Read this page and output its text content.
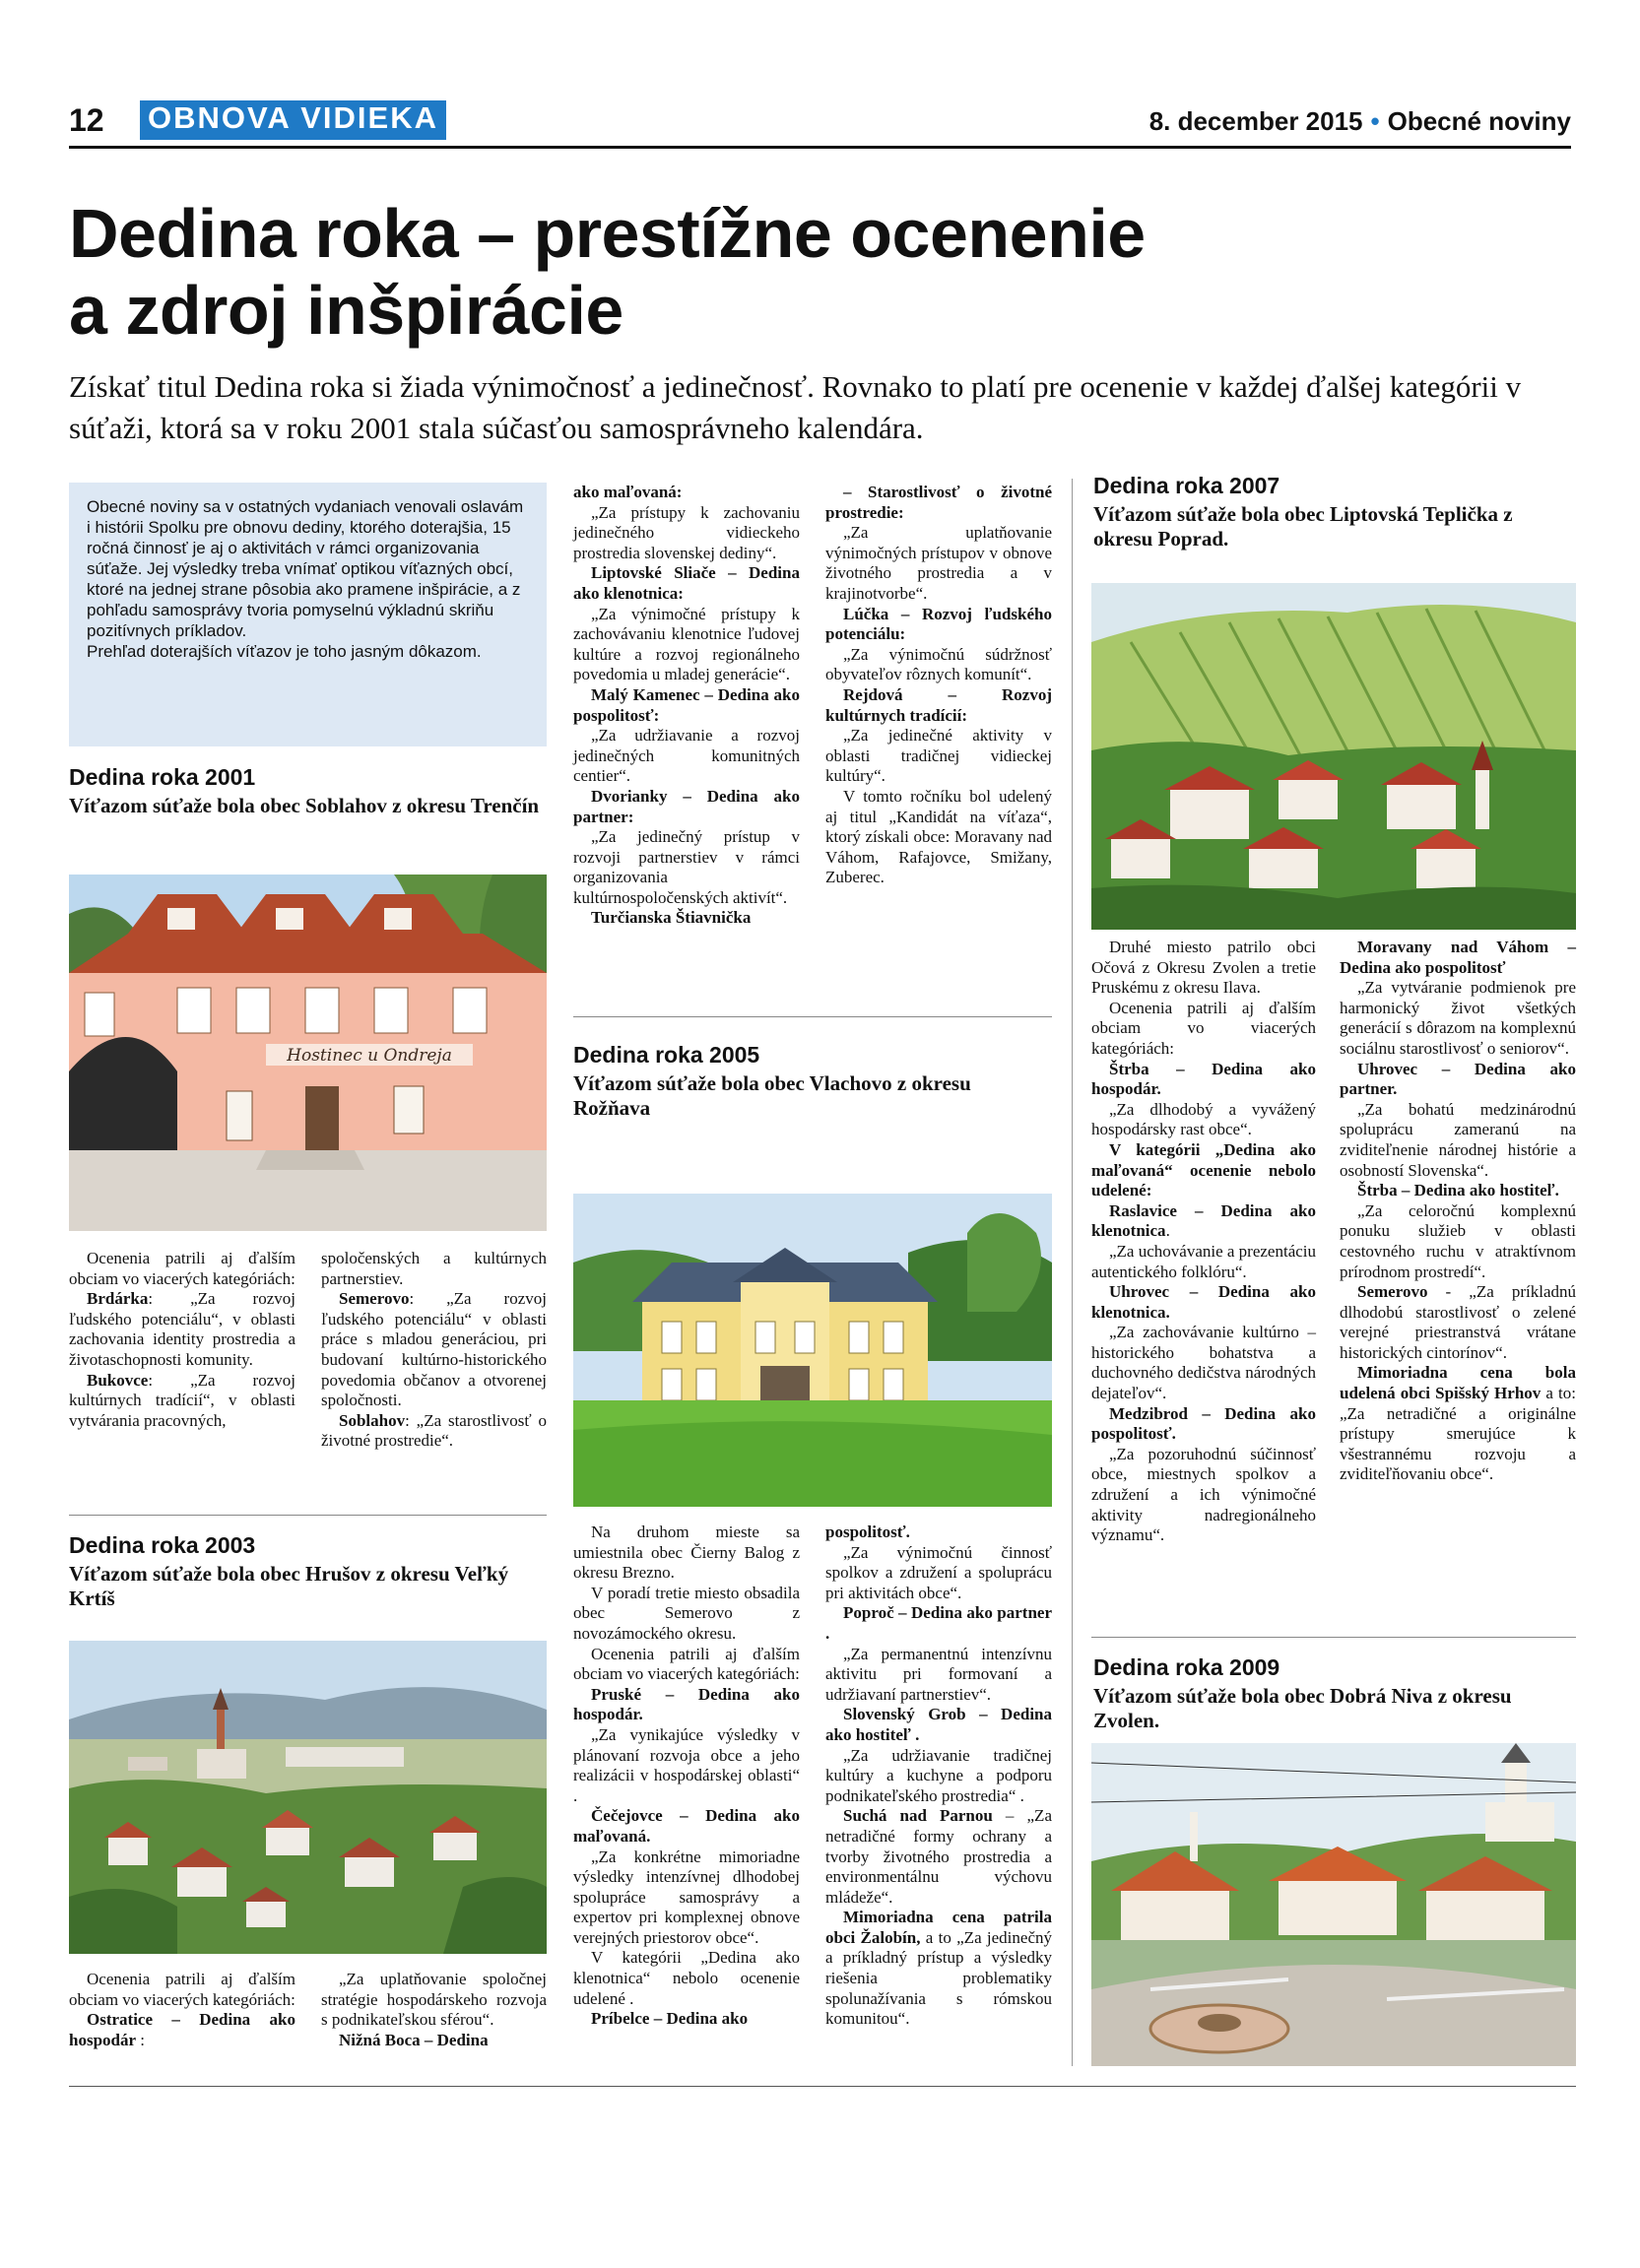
12 OBNOVA VIDIEKA	8. december 2015 • Obecné noviny
Dedina roka – prestížne ocenenie
a zdroj inšpirácie

Získať titul Dedina roka si žiada výnimočnosť a jedinečnosť. Rovnako to platí pre ocenenie v každej ďalšej kategórii v súťaži, ktorá sa v roku 2001 stala súčasťou samosprávneho kalendára.

Obecné noviny sa v ostatných vydaniach venovali oslavám i histórii Spolku pre obnovu dediny, ktorého doterajšia, 15 ročná činnosť je aj o aktivitách v rámci organizovania súťaže. Jej výsledky treba vnímať optikou víťazných obcí, ktoré na jednej strane pôsobia ako pramene inšpirácie, a z pohľadu samosprávy tvoria pomyselnú výkladnú skriňu pozitívnych príkladov.

Prehľad doterajších víťazov je toho jasným dôkazom.

Dedina roka 2001

Víťazom súťaže bola obec Soblahov z okresu Trenčín

Hostinec u Ondreja

Ocenenia patrili aj ďalším obciam vo viacerých kategóriách:

Brdárka: „Za rozvoj ľudského potenciálu“, v oblasti zachovania identity prostredia a životaschopnosti komunity.

Bukovce: „Za rozvoj kultúrnych tradícií“, v oblasti vytvárania pracovných,

spoločenských a kultúrnych partnerstiev.

Semerovo: „Za rozvoj ľudského potenciálu“ v oblasti práce s mladou generáciou, pri budovaní kultúrno-historického povedomia občanov a otvorenej spoločnosti.

Soblahov: „Za starostlivosť o životné prostredie“.

Dedina roka 2003

Víťazom súťaže bola obec Hrušov z okresu Veľký Krtíš

Ocenenia patrili aj ďalším obciam vo viacerých kategóriách:

Ostratice – Dedina ako hospodár :

„Za uplatňovanie spoločnej stratégie hospodárskeho rozvoja s podnikateľskou sférou“.

Nižná Boca – Dedina

ako maľovaná:

„Za prístupy k zachovaniu jedinečného vidieckeho prostredia slovenskej dediny“.

Liptovské Sliače – Dedina ako klenotnica:

„Za výnimočné prístupy k zachovávaniu klenotnice ľudovej kultúre a rozvoj regionálneho povedomia u mladej generácie“.

Malý Kamenec – Dedina ako pospolitosť:

„Za udržiavanie a rozvoj jedinečných komunitných centier“.

Dvorianky – Dedina ako partner:

„Za jedinečný prístup v rozvoji partnerstiev v rámci organizovania kultúrnospoločenských aktivít“.

Turčianska Štiavnička

– Starostlivosť o životné prostredie:

„Za uplatňovanie výnimočných prístupov v obnove životného prostredia a v krajinotvorbe“.

Lúčka – Rozvoj ľudského potenciálu:

„Za výnimočnú súdržnosť obyvateľov rôznych komunít“.

Rejdová – Rozvoj kultúrnych tradícií:

„Za jedinečné aktivity v oblasti tradičnej vidieckej kultúry“.

V tomto ročníku bol udelený aj titul „Kandidát na víťaza“, ktorý získali obce: Moravany nad Váhom, Rafajovce, Smižany, Zuberec.

Dedina roka 2005

Víťazom súťaže bola obec Vlachovo z okresu Rožňava

Na druhom mieste sa umiestnila obec Čierny Balog z okresu Brezno.

V poradí tretie miesto obsadila obec Semerovo z novozámockého okresu.

Ocenenia patrili aj ďalším obciam vo viacerých kategóriách:

Pruské – Dedina ako hospodár.

„Za vynikajúce výsledky v plánovaní rozvoja obce a jeho realizácii v hospodárskej oblasti“ .

Čečejovce – Dedina ako maľovaná.

„Za konkrétne mimoriadne výsledky intenzívnej dlhodobej spolupráce samosprávy a expertov pri komplexnej obnove verejných priestorov obce“.

V kategórii „Dedina ako klenotnica“ nebolo ocenenie udelené .

Príbelce – Dedina ako

pospolitosť.

„Za výnimočnú činnosť spolkov a združení a spoluprácu pri aktivitách obce“.

Poproč – Dedina ako partner .

„Za permanentnú intenzívnu aktivitu pri formovaní a udržiavaní partnerstiev“.

Slovenský Grob – Dedina ako hostiteľ .

„Za udržiavanie tradičnej kultúry a kuchyne a podporu podnikateľského prostredia“ .

Suchá nad Parnou – „Za netradičné formy ochrany a tvorby životného prostredia a environmentálnu výchovu mládeže“.

Mimoriadna cena patrila obci Žalobín, a to „Za jedinečný a príkladný prístup a výsledky riešenia problematiky spolunažívania s rómskou komunitou“.

Dedina roka 2007

Víťazom súťaže bola obec Liptovská Teplička z okresu Poprad.

Druhé miesto patrilo obci Očová z Okresu Zvolen a tretie Pruskému z okresu Ilava.

Ocenenia patrili aj ďalším obciam vo viacerých kategóriách:

Štrba – Dedina ako hospodár.

„Za dlhodobý a vyvážený hospodársky rast obce“.

V kategórii „Dedina ako maľovaná“ ocenenie nebolo udelené:

Raslavice – Dedina ako klenotnica.

„Za uchovávanie a prezentáciu autentického folklóru“.

Uhrovec – Dedina ako klenotnica.

„Za zachovávanie kultúrno – historického bohatstva a duchovného dedičstva národných dejateľov“.

Medzibrod – Dedina ako pospolitosť.

„Za pozoruhodnú súčinnosť obce, miestnych spolkov a združení a ich výnimočné aktivity nadregionálneho významu“.

Moravany nad Váhom – Dedina ako pospolitosť

„Za vytváranie podmienok pre harmonický život všetkých generácií s dôrazom na komplexnú sociálnu starostlivosť o seniorov“.

Uhrovec – Dedina ako partner.

„Za bohatú medzinárodnú spoluprácu zameranú na zviditeľnenie národnej histórie a osobností Slovenska“.

Štrba – Dedina ako hostiteľ.

„Za celoročnú komplexnú ponuku služieb v oblasti cestovného ruchu v atraktívnom prírodnom prostredí“.

Semerovo - „Za príkladnú dlhodobú starostlivosť o zelené verejné priestranstvá vrátane historických cintorínov“.

Mimoriadna cena bola udelená obci Spišský Hrhov a to: „Za netradičné a originálne prístupy smerujúce k všestrannému rozvoju a zviditeľňovaniu obce“.

Dedina roka 2009

Víťazom súťaže bola obec Dobrá Niva z okresu Zvolen.
